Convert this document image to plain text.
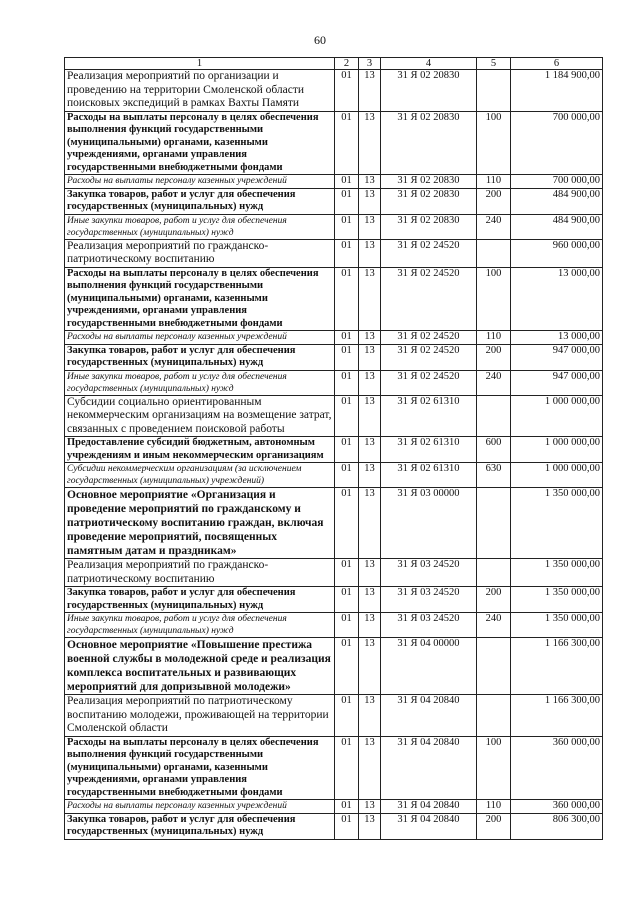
60
1	2	3	4	5	6
Реализация мероприятий по организации и проведению на территории Смоленской области поисковых экспедиций в рамках Вахты Памяти	01	13	31 Я 02 20830		1 184 900,00
Расходы на выплаты персоналу в целях обеспечения выполнения функций государственными (муниципальными) органами, казенными учреждениями, органами управления государственными внебюджетными фондами	01	13	31 Я 02 20830	100	700 000,00
Расходы на выплаты персоналу казенных учреждений	01	13	31 Я 02 20830	110	700 000,00
Закупка товаров, работ и услуг для обеспечения государственных (муниципальных) нужд	01	13	31 Я 02 20830	200	484 900,00
Иные закупки товаров, работ и услуг для обеспечения государственных (муниципальных) нужд	01	13	31 Я 02 20830	240	484 900,00
Реализация мероприятий по гражданско-патриотическому воспитанию	01	13	31 Я 02 24520		960 000,00
Расходы на выплаты персоналу в целях обеспечения выполнения функций государственными (муниципальными) органами, казенными учреждениями, органами управления государственными внебюджетными фондами	01	13	31 Я 02 24520	100	13 000,00
Расходы на выплаты персоналу казенных учреждений	01	13	31 Я 02 24520	110	13 000,00
Закупка товаров, работ и услуг для обеспечения государственных (муниципальных) нужд	01	13	31 Я 02 24520	200	947 000,00
Иные закупки товаров, работ и услуг для обеспечения государственных (муниципальных) нужд	01	13	31 Я 02 24520	240	947 000,00
Субсидии социально ориентированным некоммерческим организациям на возмещение затрат, связанных с проведением поисковой работы	01	13	31 Я 02 61310		1 000 000,00
Предоставление субсидий бюджетным, автономным учреждениям и иным некоммерческим организациям	01	13	31 Я 02 61310	600	1 000 000,00
Субсидии некоммерческим организациям (за исключением государственных (муниципальных) учреждений)	01	13	31 Я 02 61310	630	1 000 000,00
Основное мероприятие «Организация и проведение мероприятий по гражданскому и патриотическому воспитанию граждан, включая проведение мероприятий, посвященных памятным датам и праздникам»	01	13	31 Я 03 00000		1 350 000,00
Реализация мероприятий по гражданско-патриотическому воспитанию	01	13	31 Я 03 24520		1 350 000,00
Закупка товаров, работ и услуг для обеспечения государственных (муниципальных) нужд	01	13	31 Я 03 24520	200	1 350 000,00
Иные закупки товаров, работ и услуг для обеспечения государственных (муниципальных) нужд	01	13	31 Я 03 24520	240	1 350 000,00
Основное мероприятие «Повышение престижа военной службы в молодежной среде и реализация комплекса воспитательных и развивающих мероприятий для допризывной молодежи»	01	13	31 Я 04 00000		1 166 300,00
Реализация мероприятий по патриотическому воспитанию молодежи, проживающей на территории Смоленской области	01	13	31 Я 04 20840		1 166 300,00
Расходы на выплаты персоналу в целях обеспечения выполнения функций государственными (муниципальными) органами, казенными учреждениями, органами управления государственными внебюджетными фондами	01	13	31 Я 04 20840	100	360 000,00
Расходы на выплаты персоналу казенных учреждений	01	13	31 Я 04 20840	110	360 000,00
Закупка товаров, работ и услуг для обеспечения государственных (муниципальных) нужд	01	13	31 Я 04 20840	200	806 300,00
